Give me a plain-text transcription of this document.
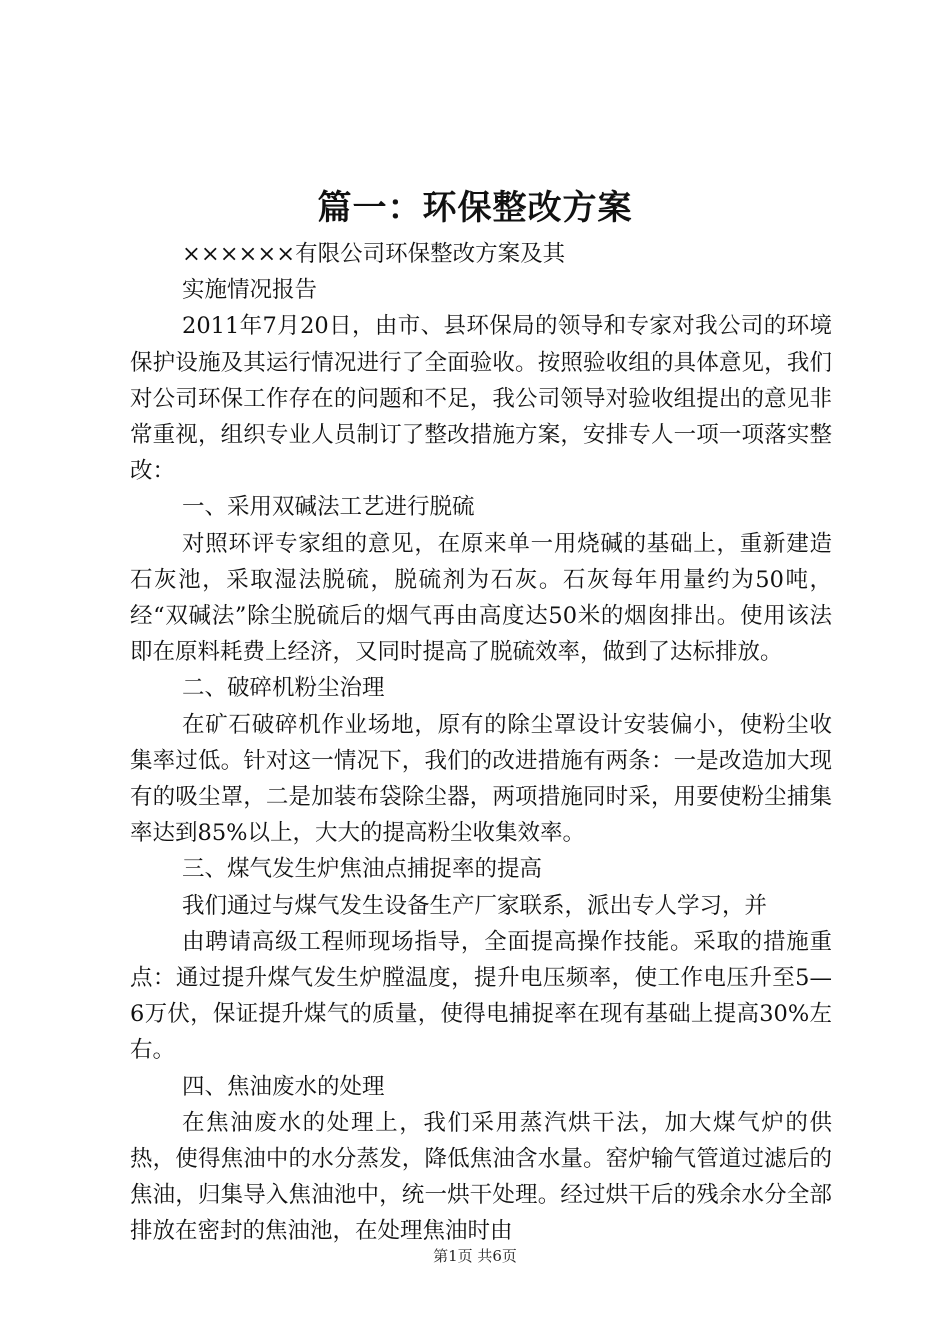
篇一：环保整改方案

××××××有限公司环保整改方案及其

实施情况报告

2011年7月20日，由市、县环保局的领导和专家对我公司的环境保护设施及其运行情况进行了全面验收。按照验收组的具体意见，我们对公司环保工作存在的问题和不足，我公司领导对验收组提出的意见非常重视，组织专业人员制订了整改措施方案，安排专人一项一项落实整改：

一、采用双碱法工艺进行脱硫

对照环评专家组的意见，在原来单一用烧碱的基础上，重新建造石灰池，采取湿法脱硫，脱硫剂为石灰。石灰每年用量约为50吨，经“双碱法”除尘脱硫后的烟气再由高度达50米的烟囱排出。使用该法即在原料耗费上经济，又同时提高了脱硫效率，做到了达标排放。

二、破碎机粉尘治理

在矿石破碎机作业场地，原有的除尘罩设计安装偏小，使粉尘收集率过低。针对这一情况下，我们的改进措施有两条：一是改造加大现有的吸尘罩，二是加装布袋除尘器，两项措施同时采，用要使粉尘捕集率达到85%以上，大大的提高粉尘收集效率。

三、煤气发生炉焦油点捕捉率的提高

我们通过与煤气发生设备生产厂家联系，派出专人学习，并

由聘请高级工程师现场指导，全面提高操作技能。采取的措施重点：通过提升煤气发生炉膛温度，提升电压频率，使工作电压升至5—6万伏，保证提升煤气的质量，使得电捕捉率在现有基础上提高30%左右。

四、焦油废水的处理

在焦油废水的处理上，我们采用蒸汽烘干法，加大煤气炉的供热，使得焦油中的水分蒸发，降低焦油含水量。窑炉输气管道过滤后的焦油，归集导入焦油池中，统一烘干处理。经过烘干后的残余水分全部排放在密封的焦油池，在处理焦油时由

第1页 共6页
